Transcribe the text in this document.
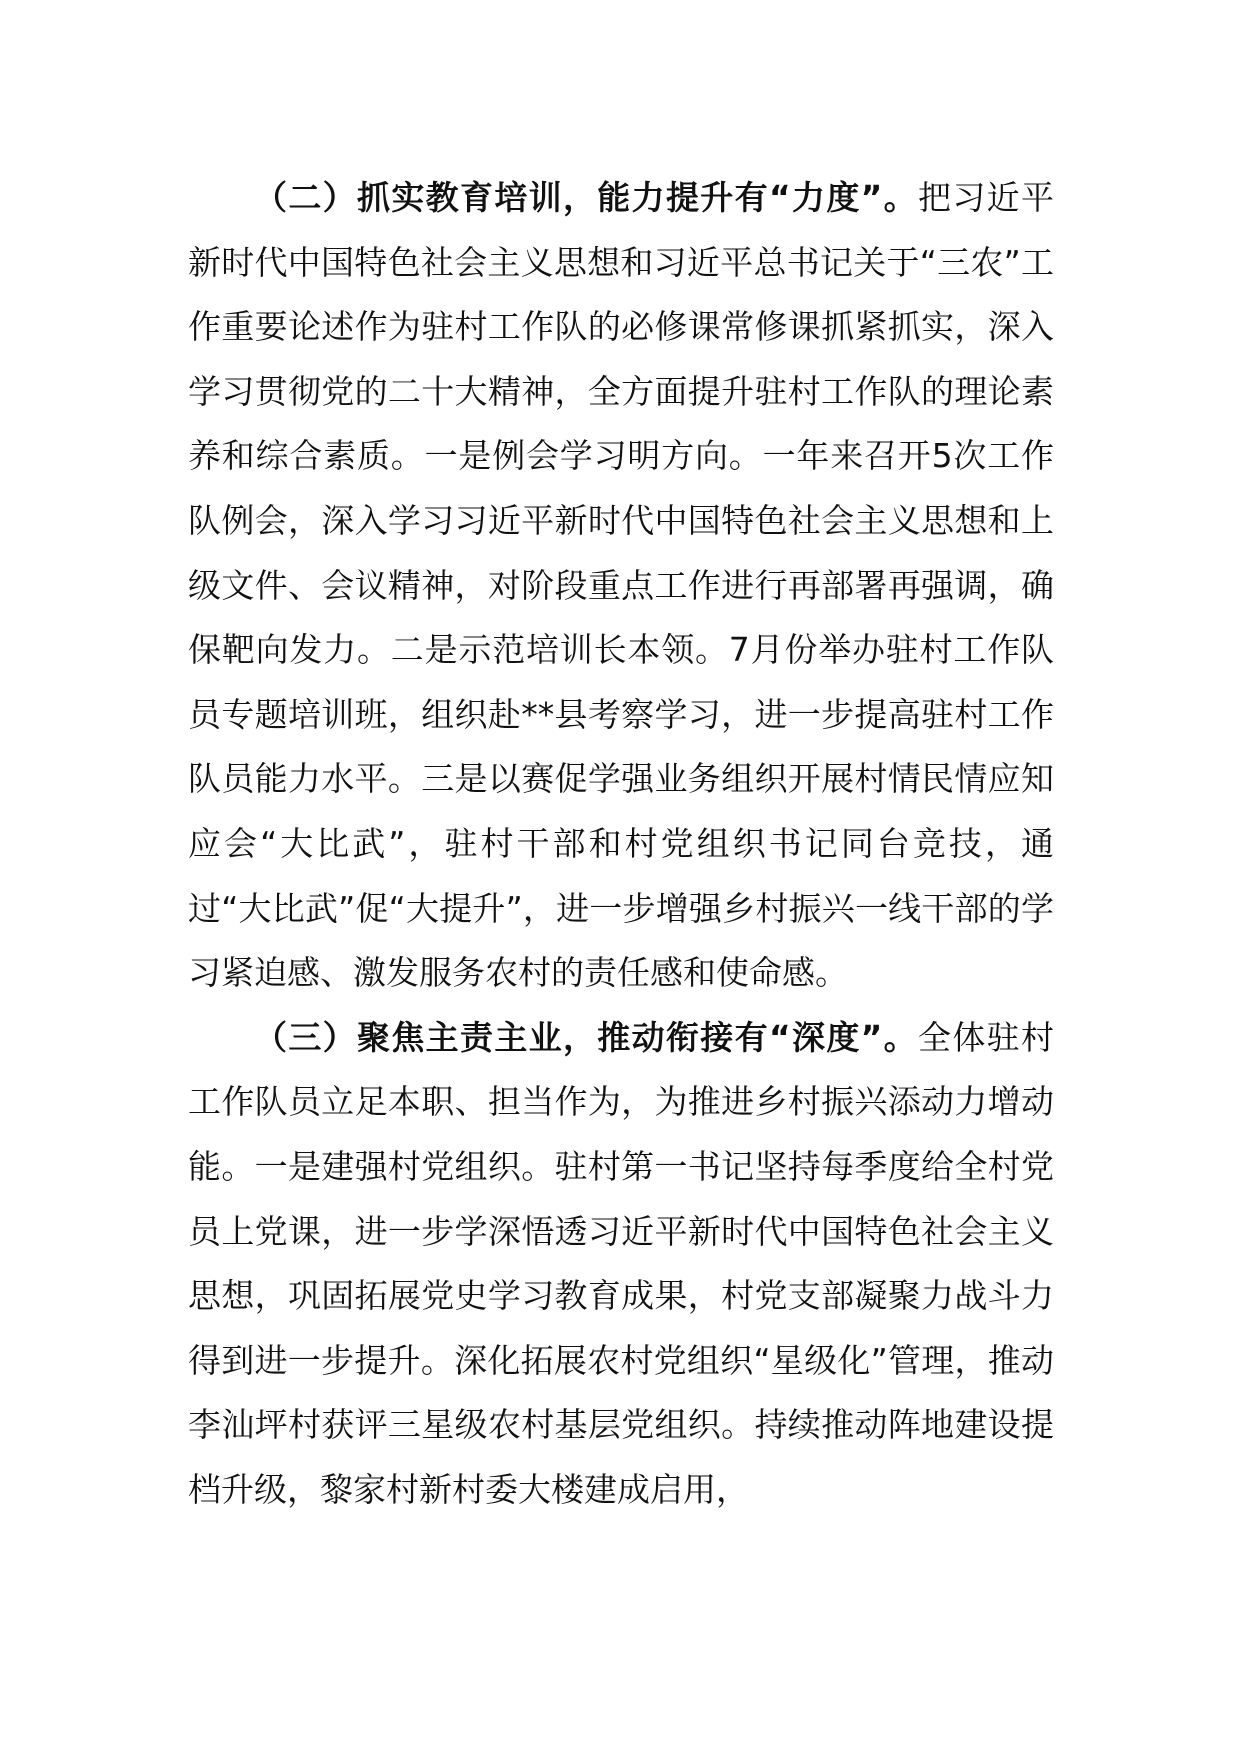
（二）抓实教育培训，能力提升有“力度”。把习近平新时代中国特色社会主义思想和习近平总书记关于“三农”工作重要论述作为驻村工作队的必修课常修课抓紧抓实，深入学习贯彻党的二十大精神，全方面提升驻村工作队的理论素养和综合素质。一是例会学习明方向。一年来召开5次工作队例会，深入学习习近平新时代中国特色社会主义思想和上级文件、会议精神，对阶段重点工作进行再部署再强调，确保靶向发力。二是示范培训长本领。7月份举办驻村工作队员专题培训班，组织赴**县考察学习，进一步提高驻村工作队员能力水平。三是以赛促学强业务组织开展村情民情应知应会“大比武”，驻村干部和村党组织书记同台竞技，通过“大比武”促“大提升”，进一步增强乡村振兴一线干部的学习紧迫感、激发服务农村的责任感和使命感。

（三）聚焦主责主业，推动衔接有“深度”。全体驻村工作队员立足本职、担当作为，为推进乡村振兴添动力增动能。一是建强村党组织。驻村第一书记坚持每季度给全村党员上党课，进一步学深悟透习近平新时代中国特色社会主义思想，巩固拓展党史学习教育成果，村党支部凝聚力战斗力得到进一步提升。深化拓展农村党组织“星级化”管理，推动李汕坪村获评三星级农村基层党组织。持续推动阵地建设提档升级，黎家村新村委大楼建成启用，
